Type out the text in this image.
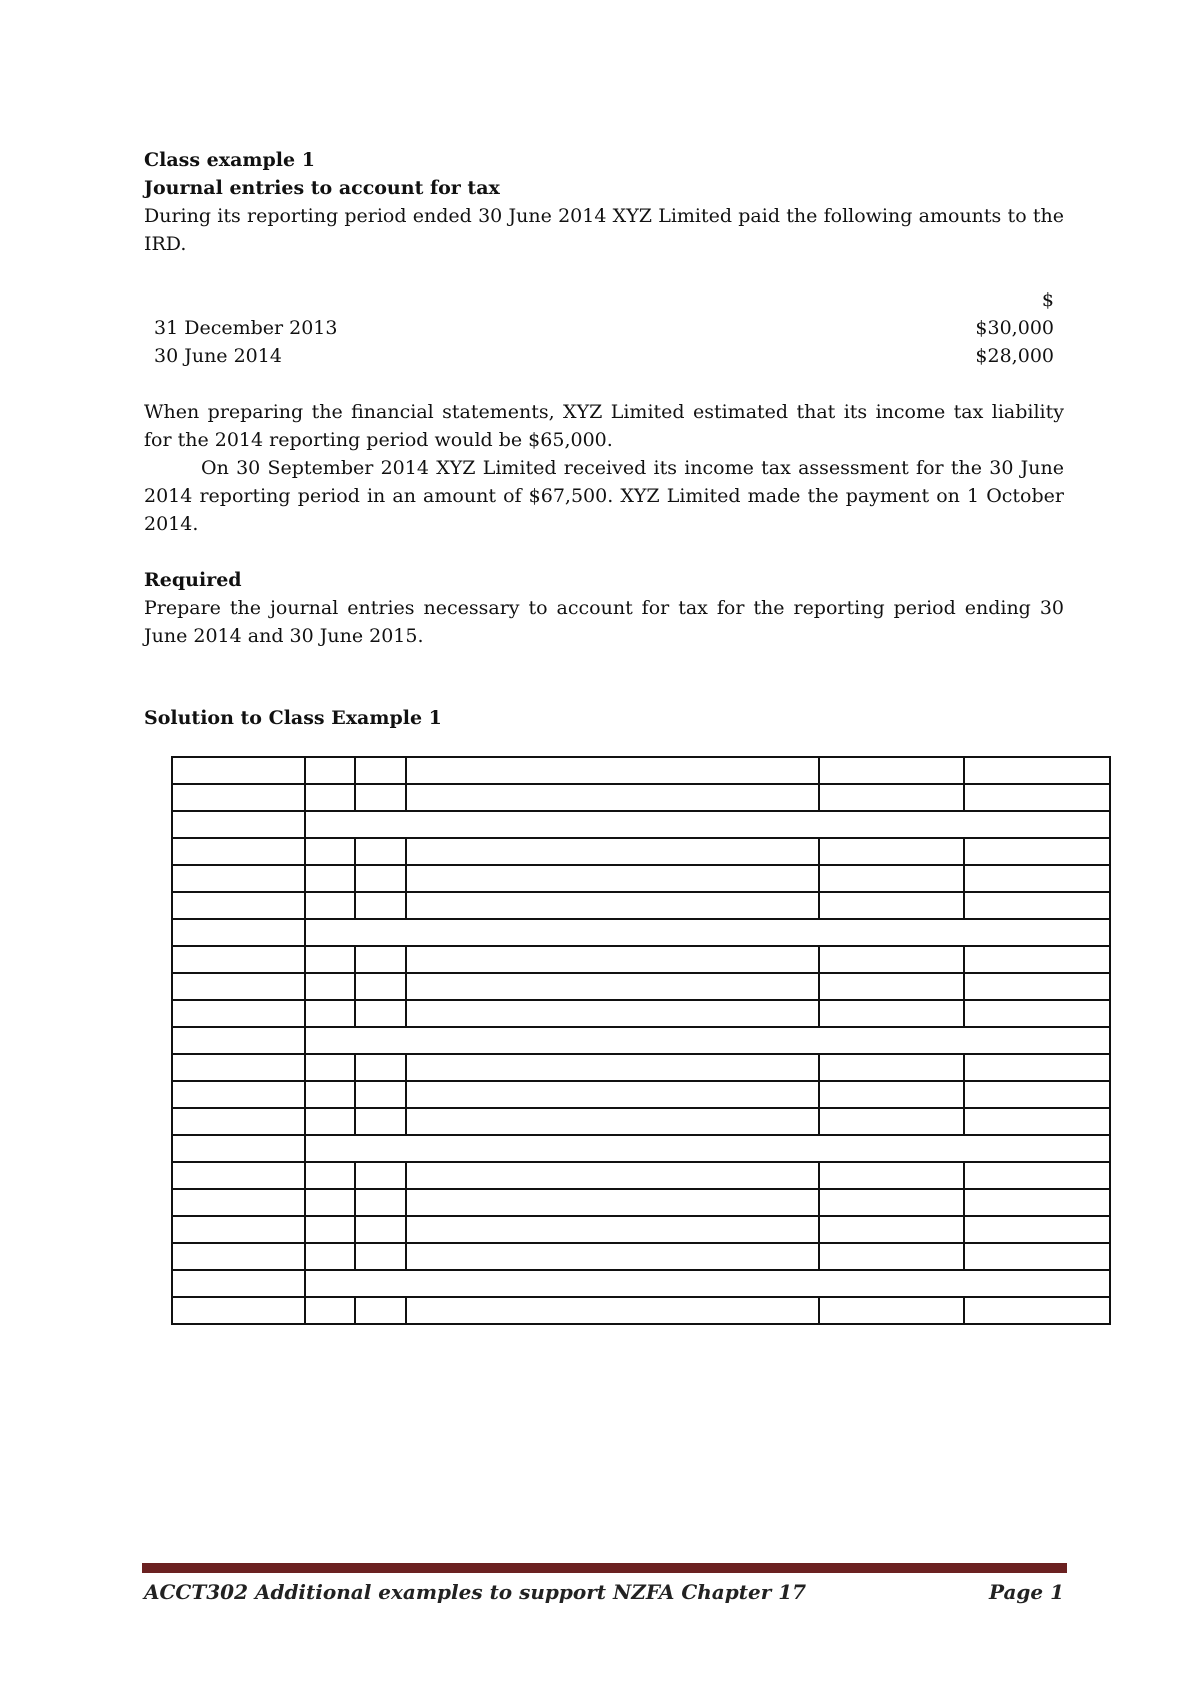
Class example 1
Journal entries to account for tax

During its reporting period ended 30 June 2014 XYZ Limited paid the following amounts to the IRD.

$
31 December 2013	$30,000
30 June 2014	$28,000

When preparing the financial statements, XYZ Limited estimated that its income tax liability for the 2014 reporting period would be $65,000.

On 30 September 2014 XYZ Limited received its income tax assessment for the 30 June 2014 reporting period in an amount of $67,500. XYZ Limited made the payment on 1 October 2014.

Required

Prepare the journal entries necessary to account for tax for the reporting period ending 30 June 2014 and 30 June 2015.

Solution to Class Example 1

ACCT302 Additional examples to support NZFA Chapter 17	Page 1
